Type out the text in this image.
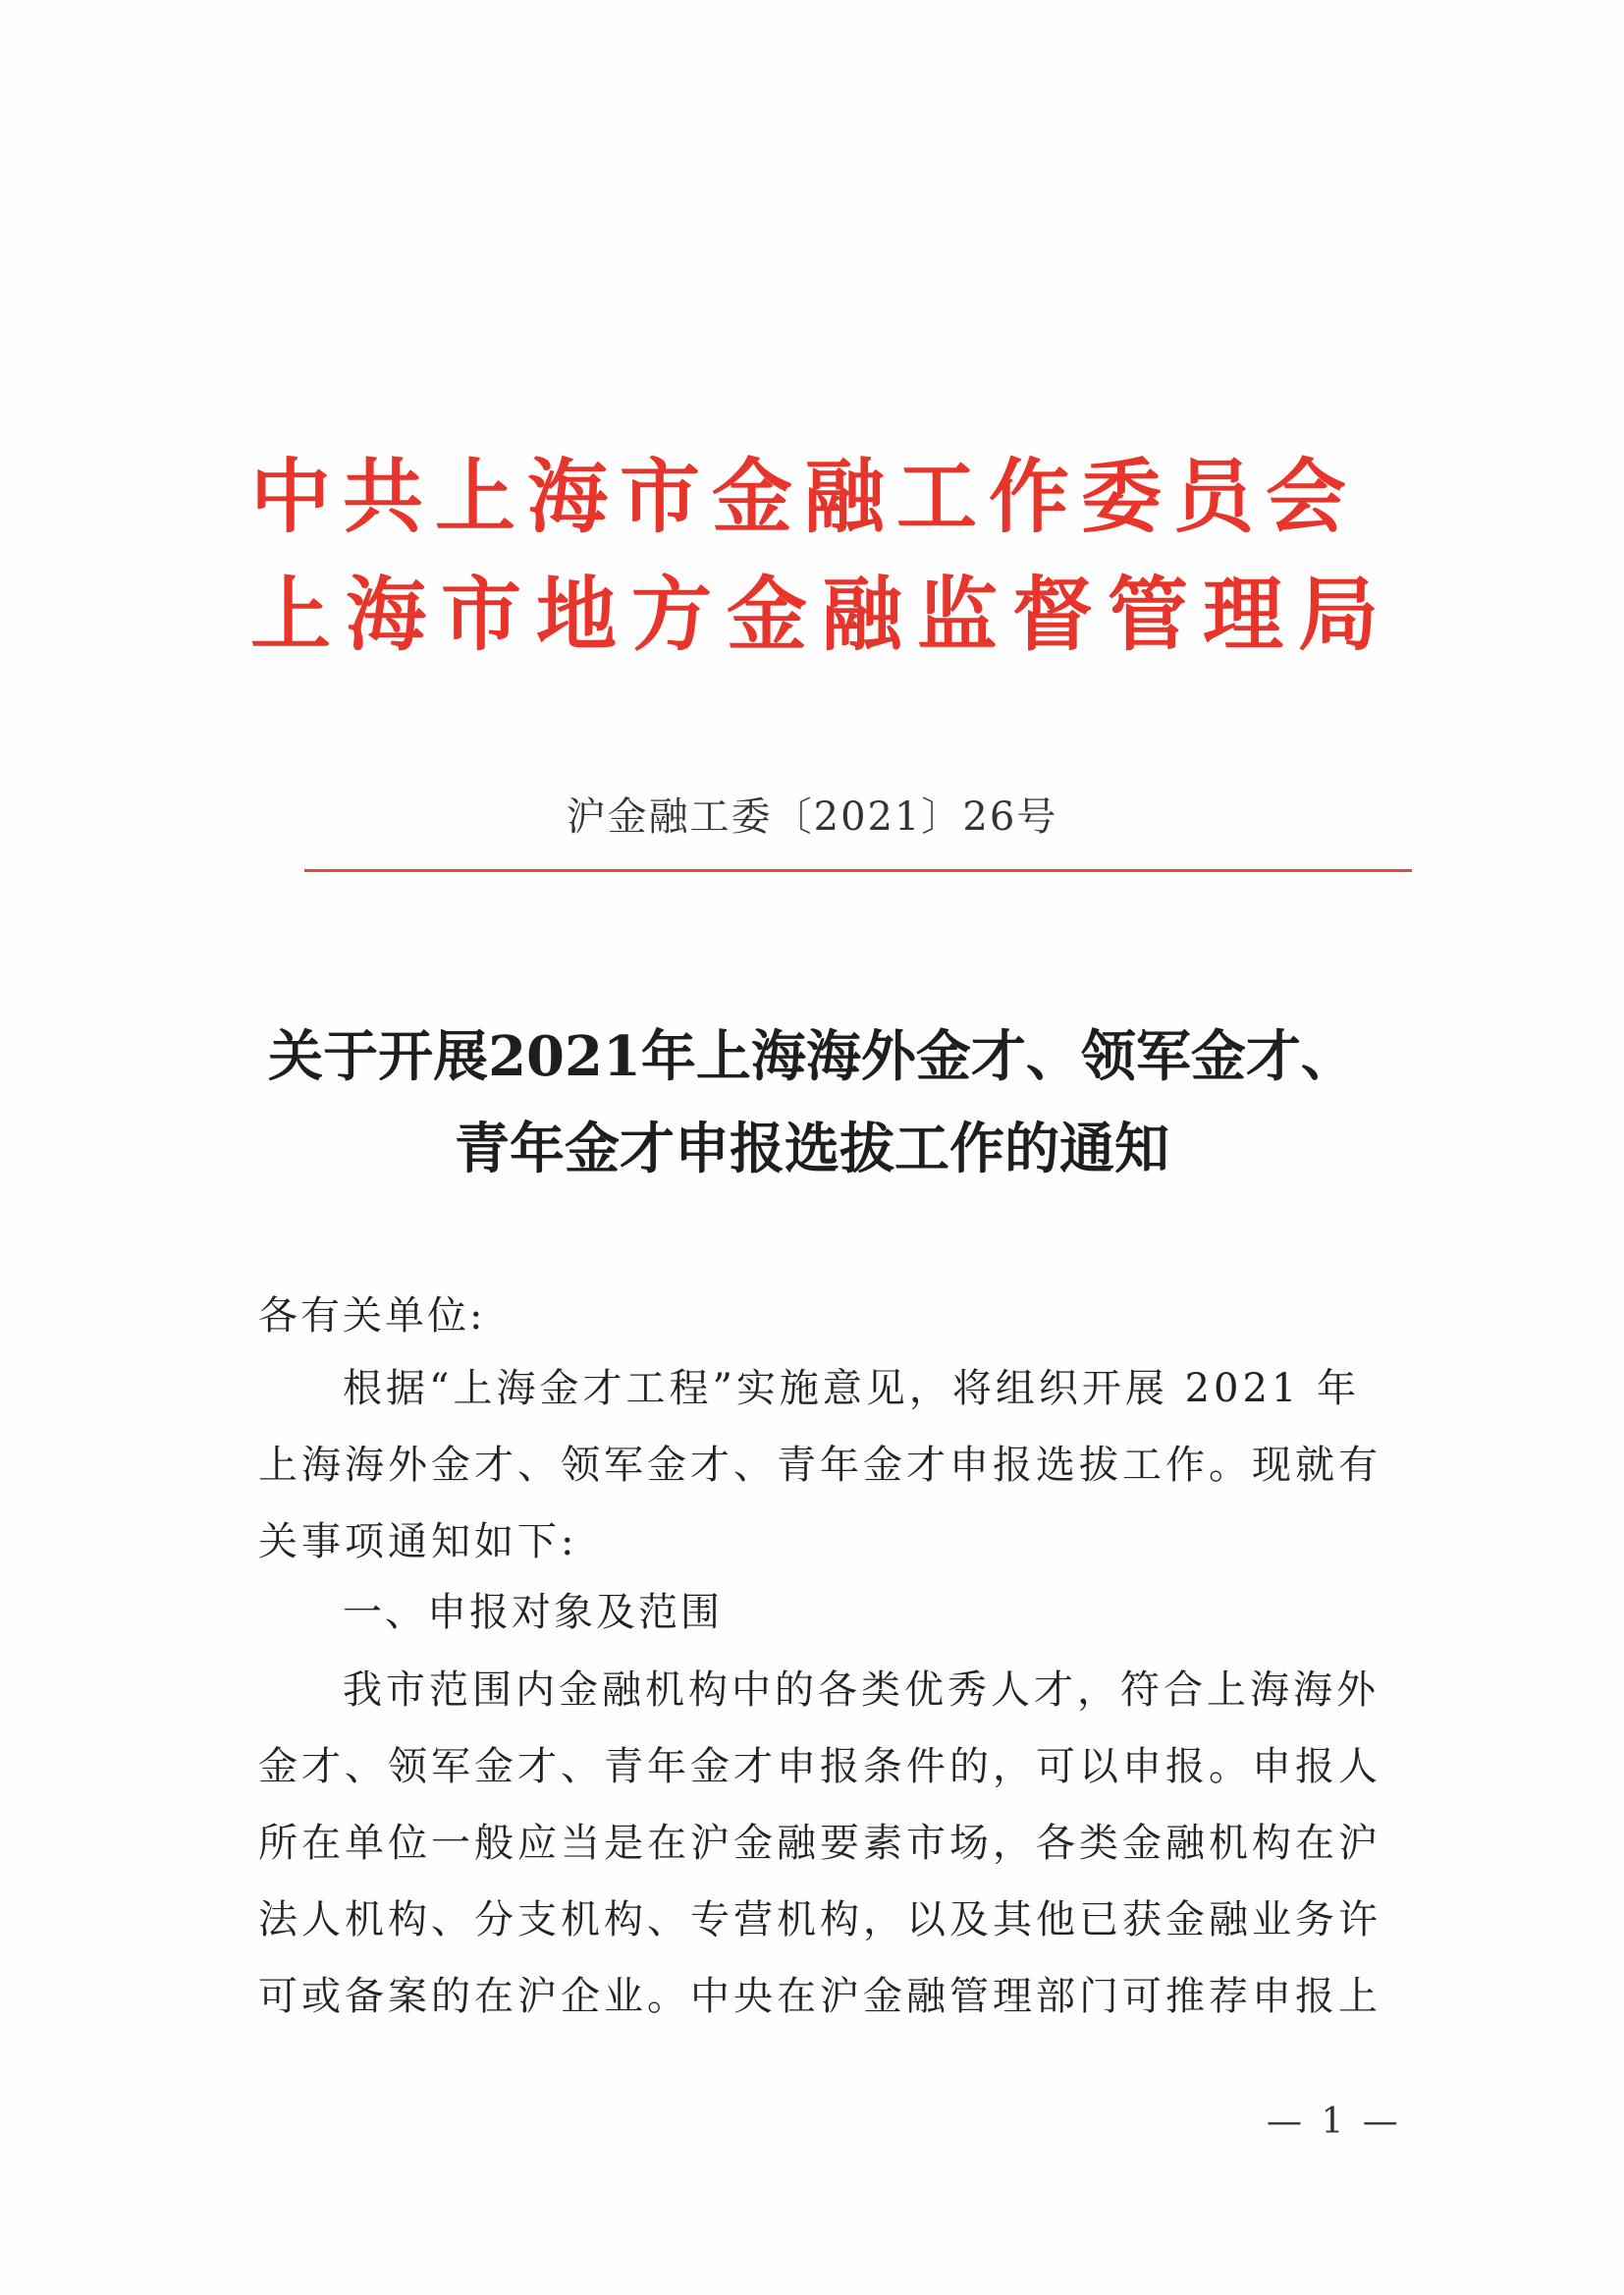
中共上海市金融工作委员会
上海市地方金融监督管理局
沪金融工委〔2021〕26号
关于开展2021年上海海外金才、领军金才、
青年金才申报选拔工作的通知
各有关单位:
根据“上海金才工程”实施意见，将组织开展 2021 年
上海海外金才、领军金才、青年金才申报选拔工作。现就有
关事项通知如下:
一、申报对象及范围
我市范围内金融机构中的各类优秀人才，符合上海海外
金才、领军金才、青年金才申报条件的，可以申报。申报人
所在单位一般应当是在沪金融要素市场，各类金融机构在沪
法人机构、分支机构、专营机构，以及其他已获金融业务许
可或备案的在沪企业。中央在沪金融管理部门可推荐申报上
— 1 —
